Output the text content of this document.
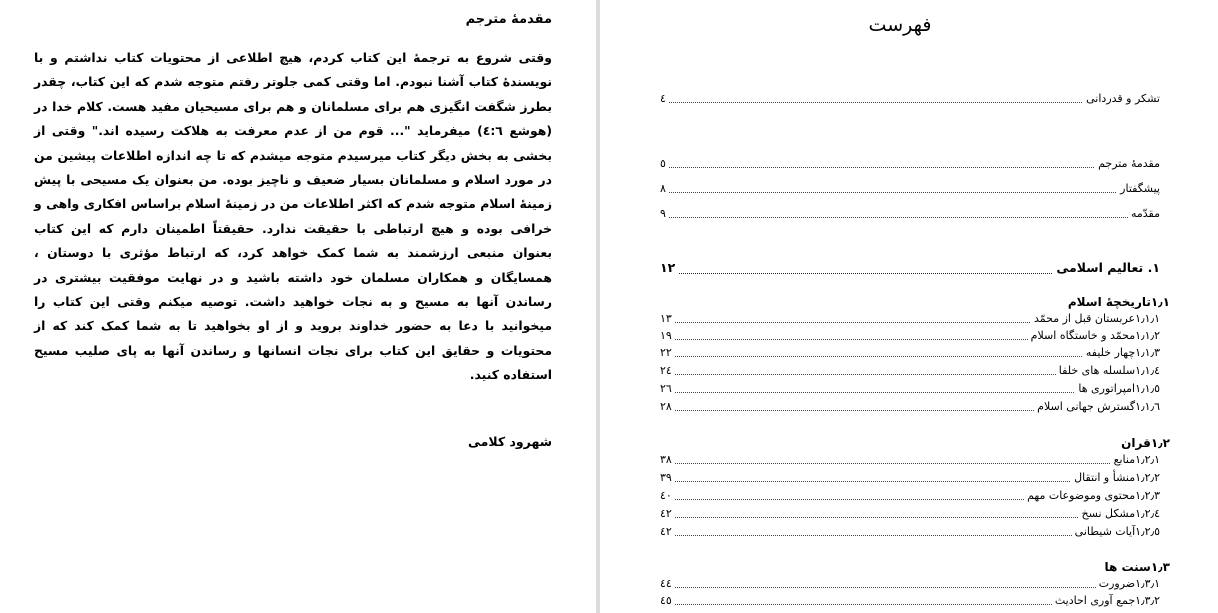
مقدمهٔ مترجم

وقتی شروع به ترجمهٔ این کتاب کردم، هیچ اطلاعی از محتویات کتاب نداشتم و با نویسندهٔ کتاب آشنا نبودم. اما وقتی کمی جلوتر رفتم متوجه شدم که این کتاب، چقدر بطرز شگفت انگیزی هم برای مسلمانان و هم برای مسیحیان مفید هست. کلام خدا در (هوشع ٤:٦) میفرماید "... قوم من از عدم معرفت به هلاکت رسیده اند." وقتی از بخشی به بخش دیگر کتاب میرسیدم متوجه میشدم که تا چه اندازه اطلاعات پیشین من در مورد اسلام و مسلمانان بسیار ضعیف و ناچیز بوده. من بعنوان یک مسیحی با پیش زمینهٔ اسلام متوجه شدم که اکثر اطلاعات من در زمینهٔ اسلام براساس افکاری واهی و خرافی بوده و هیچ ارتباطی با حقیقت ندارد. حقیقتاً اطمینان دارم که این کتاب بعنوان منبعی ارزشمند به شما کمک خواهد کرد، که ارتباط مؤثری با دوستان ، همسایگان و همکاران مسلمان خود داشته باشید و در نهایت موفقیت بیشتری در رساندن آنها به مسیح و به نجات خواهید داشت. توصیه میکنم وقتی این کتاب را میخوانید با دعا به حضور خداوند بروید و از او بخواهید تا به شما کمک کند که از محتویات و حقایق این کتاب برای نجات انسانها و رساندن آنها به پای صلیب مسیح استفاده کنید.

شهرود کلامی
فهرست
تشکر و قدردانی
٤
مقدمهٔ مترجم
٥
پیشگفتار
٨
مقدّمه
٩
١. تعالیم اسلامی
١٢
١٫١تاریخچهٔ اسلام
١٫١٫١عربستان قبل از محمّد
١٣
١٫١٫٢محمّد و خاستگاه اسلام
١٩
١٫١٫٣چهار خلیفه
٢٢
١٫١٫٤سلسله های خلفا
٢٤
١٫١٫٥امپراتوری ها
٢٦
١٫١٫٦گسترش جهانی اسلام
٢٨
١٫٢قران
١٫٢٫١منابع
٣٨
١٫٢٫٢منشأ و انتقال
٣٩
١٫٢٫٣محتوی وموضوعات مهم
٤٠
١٫٢٫٤مشکل نسخ
٤٢
١٫٢٫٥آیات شیطانی
٤٢
١٫٣سنت ها
١٫٣٫١ضرورت
٤٤
١٫٣٫٢جمع آوری احادیث
٤٥
